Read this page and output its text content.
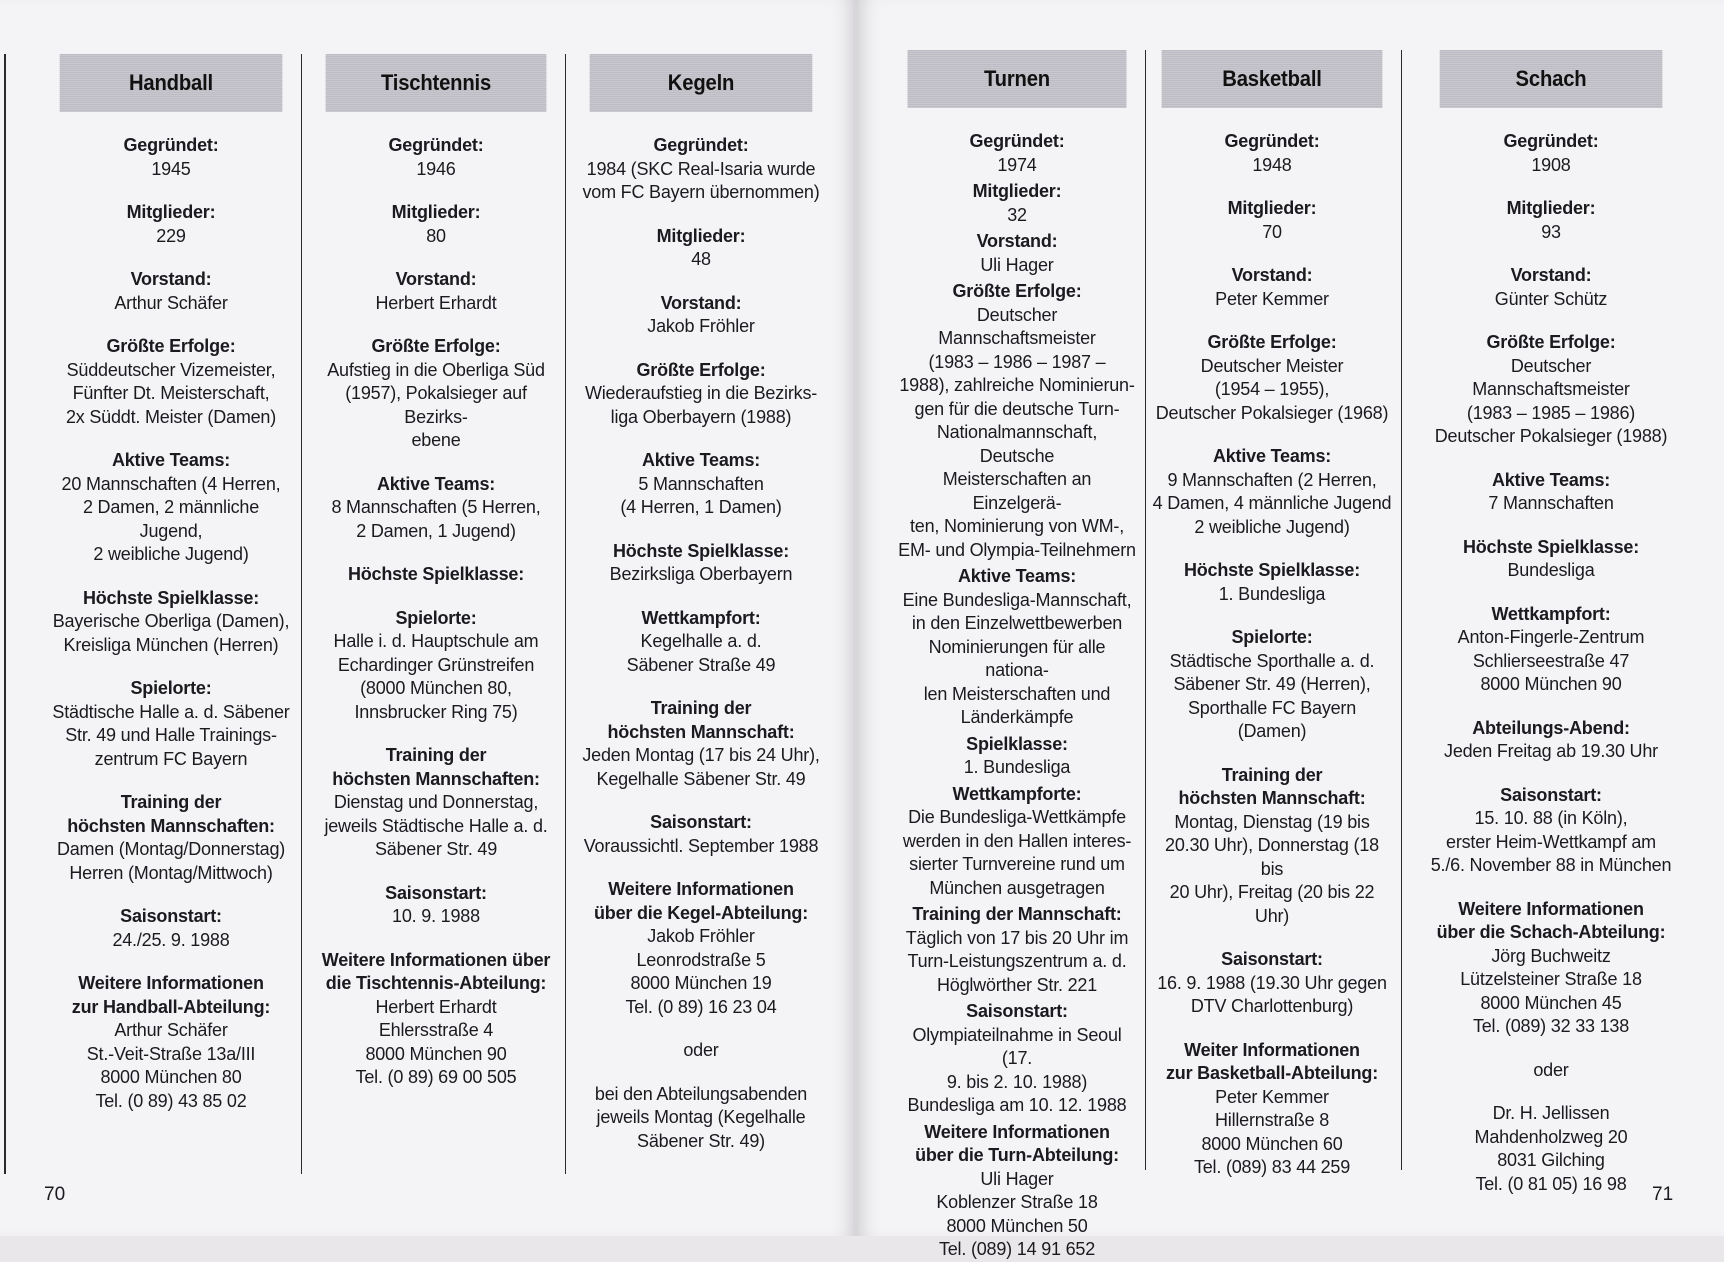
Handball
Gegründet:
1945
Mitglieder:
229
Vorstand:
Arthur Schäfer
Größte Erfolge:
Süddeutscher Vizemeister,
Fünfter Dt. Meisterschaft,
2x Süddt. Meister (Damen)
Aktive Teams:
20 Mannschaften (4 Herren,
2 Damen, 2 männliche Jugend,
2 weibliche Jugend)
Höchste Spielklasse:
Bayerische Oberliga (Damen),
Kreisliga München (Herren)
Spielorte:
Städtische Halle a. d. Säbener
Str. 49 und Halle Trainings-
zentrum FC Bayern
Training der
höchsten Mannschaften:
Damen (Montag/Donnerstag)
Herren (Montag/Mittwoch)
Saisonstart:
24./25. 9. 1988
Weitere Informationen
zur Handball-Abteilung:
Arthur Schäfer
St.-Veit-Straße 13a/III
8000 München 80
Tel. (0 89) 43 85 02
Tischtennis
Gegründet:
1946
Mitglieder:
80
Vorstand:
Herbert Erhardt
Größte Erfolge:
Aufstieg in die Oberliga Süd
(1957), Pokalsieger auf Bezirks-
ebene
Aktive Teams:
8 Mannschaften (5 Herren,
2 Damen, 1 Jugend)
Höchste Spielklasse:
Spielorte:
Halle i. d. Hauptschule am
Echardinger Grünstreifen
(8000 München 80,
Innsbrucker Ring 75)
Training der
höchsten Mannschaften:
Dienstag und Donnerstag,
jeweils Städtische Halle a. d.
Säbener Str. 49
Saisonstart:
10. 9. 1988
Weitere Informationen über
die Tischtennis-Abteilung:
Herbert Erhardt
Ehlersstraße 4
8000 München 90
Tel. (0 89) 69 00 505
Kegeln
Gegründet:
1984 (SKC Real-Isaria wurde
vom FC Bayern übernommen)
Mitglieder:
48
Vorstand:
Jakob Fröhler
Größte Erfolge:
Wiederaufstieg in die Bezirks-
liga Oberbayern (1988)
Aktive Teams:
5 Mannschaften
(4 Herren, 1 Damen)
Höchste Spielklasse:
Bezirksliga Oberbayern
Wettkampfort:
Kegelhalle a. d.
Säbener Straße 49
Training der
höchsten Mannschaft:
Jeden Montag (17 bis 24 Uhr),
Kegelhalle Säbener Str. 49
Saisonstart:
Voraussichtl. September 1988
Weitere Informationen
über die Kegel-Abteilung:
Jakob Fröhler
Leonrodstraße 5
8000 München 19
Tel. (0 89) 16 23 04
oder
bei den Abteilungsabenden
jeweils Montag (Kegelhalle
Säbener Str. 49)
70
Turnen
Gegründet:
1974
Mitglieder:
32
Vorstand:
Uli Hager
Größte Erfolge:
Deutscher Mannschaftsmeister
(1983 – 1986 – 1987 –
1988), zahlreiche Nominierun-
gen für die deutsche Turn-
Nationalmannschaft, Deutsche
Meisterschaften an Einzelgerä-
ten, Nominierung von WM-,
EM- und Olympia-Teilnehmern
Aktive Teams:
Eine Bundesliga-Mannschaft,
in den Einzelwettbewerben
Nominierungen für alle nationa-
len Meisterschaften und
Länderkämpfe
Spielklasse:
1. Bundesliga
Wettkampforte:
Die Bundesliga-Wettkämpfe
werden in den Hallen interes-
sierter Turnvereine rund um
München ausgetragen
Training der Mannschaft:
Täglich von 17 bis 20 Uhr im
Turn-Leistungszentrum a. d.
Höglwörther Str. 221
Saisonstart:
Olympiateilnahme in Seoul (17.
9. bis 2. 10. 1988)
Bundesliga am 10. 12. 1988
Weitere Informationen
über die Turn-Abteilung:
Uli Hager
Koblenzer Straße 18
8000 München 50
Tel. (089) 14 91 652
Basketball
Gegründet:
1948
Mitglieder:
70
Vorstand:
Peter Kemmer
Größte Erfolge:
Deutscher Meister
(1954 – 1955),
Deutscher Pokalsieger (1968)
Aktive Teams:
9 Mannschaften (2 Herren,
4 Damen, 4 männliche Jugend
2 weibliche Jugend)
Höchste Spielklasse:
1. Bundesliga
Spielorte:
Städtische Sporthalle a. d.
Säbener Str. 49 (Herren),
Sporthalle FC Bayern (Damen)
Training der
höchsten Mannschaft:
Montag, Dienstag (19 bis
20.30 Uhr), Donnerstag (18 bis
20 Uhr), Freitag (20 bis 22 Uhr)
Saisonstart:
16. 9. 1988 (19.30 Uhr gegen
DTV Charlottenburg)
Weiter Informationen
zur Basketball-Abteilung:
Peter Kemmer
Hillernstraße 8
8000 München 60
Tel. (089) 83 44 259
Schach
Gegründet:
1908
Mitglieder:
93
Vorstand:
Günter Schütz
Größte Erfolge:
Deutscher Mannschaftsmeister
(1983 – 1985 – 1986)
Deutscher Pokalsieger (1988)
Aktive Teams:
7 Mannschaften
Höchste Spielklasse:
Bundesliga
Wettkampfort:
Anton-Fingerle-Zentrum
Schlierseestraße 47
8000 München 90
Abteilungs-Abend:
Jeden Freitag ab 19.30 Uhr
Saisonstart:
15. 10. 88 (in Köln),
erster Heim-Wettkampf am
5./6. November 88 in München
Weitere Informationen
über die Schach-Abteilung:
Jörg Buchweitz
Lützelsteiner Straße 18
8000 München 45
Tel. (089) 32 33 138
oder
Dr. H. Jellissen
Mahdenholzweg 20
8031 Gilching
Tel. (0 81 05) 16 98
71
